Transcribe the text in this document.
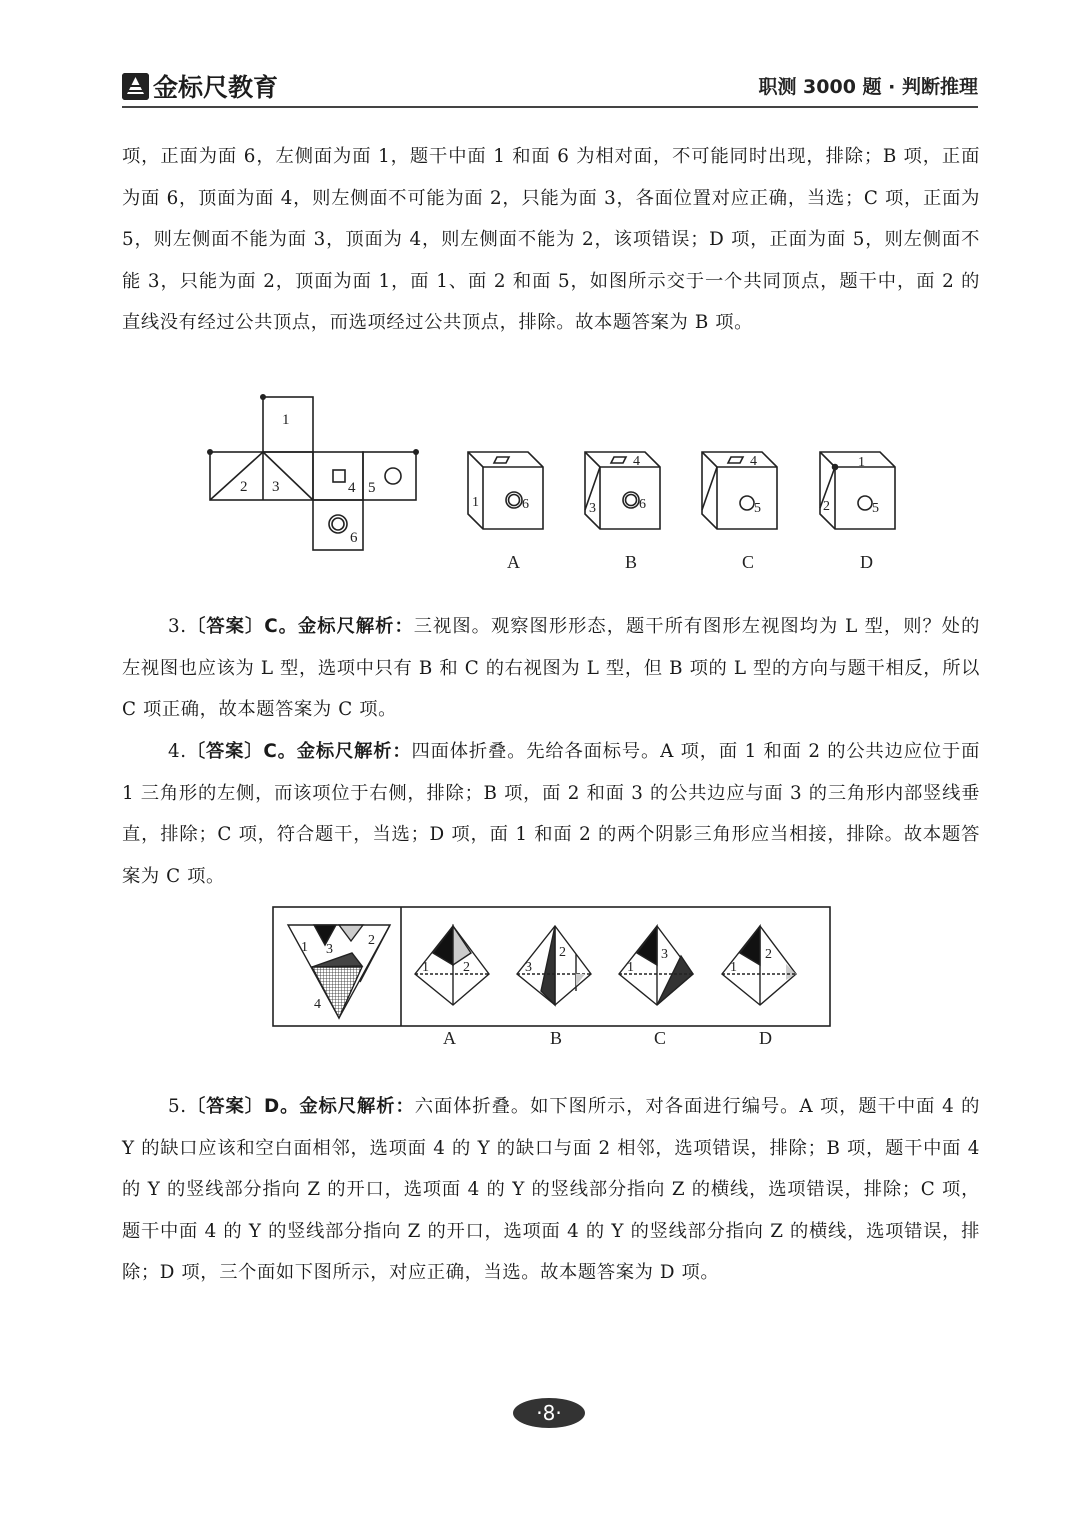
金标尺教育	职测 3000 题 · 判断推理
项，正面为面 6，左侧面为面 1，题干中面 1 和面 6 为相对面，不可能同时出现，排除；B 项，正面为面 6，顶面为面 4，则左侧面不可能为面 2，只能为面 3，各面位置对应正确，当选；C 项，正面为 5，则左侧面不能为面 3，顶面为 4，则左侧面不能为 2，该项错误；D 项，正面为面 5，则左侧面不能 3，只能为面 2，顶面为面 1，面 1、面 2 和面 5，如图所示交于一个共同顶点，题干中，面 2 的直线没有经过公共顶点，而选项经过公共顶点，排除。故本题答案为 B 项。
1
2 3	4 5
6
1	6	3
4
6
4
5
1
2	5
A	B	C	D
3.〔答案〕C。金标尺解析：三视图。观察图形形态，题干所有图形左视图均为 L 型，则？处的左视图也应该为 L 型，选项中只有 B 和 C 的右视图为 L 型，但 B 项的 L 型的方向与题干相反，所以 C 项正确，故本题答案为 C 项。
4.〔答案〕C。金标尺解析：四面体折叠。先给各面标号。A 项，面 1 和面 2 的公共边应位于面 1 三角形的左侧，而该项位于右侧，排除；B 项，面 2 和面 3 的公共边应与面 3 的三角形内部竖线垂直，排除；C 项，符合题干，当选；D 项，面 1 和面 2 的两个阴影三角形应当相接，排除。故本题答案为 C 项。
1	2
3
4
1 2	3
2
1
3
1
2
A	B	C	D
5.〔答案〕D。金标尺解析：六面体折叠。如下图所示，对各面进行编号。A 项，题干中面 4 的 Y 的缺口应该和空白面相邻，选项面 4 的 Y 的缺口与面 2 相邻，选项错误，排除；B 项，题干中面 4 的 Y 的竖线部分指向 Z 的开口，选项面 4 的 Y 的竖线部分指向 Z 的横线，选项错误，排除；C 项，题干中面 4 的 Y 的竖线部分指向 Z 的开口，选项面 4 的 Y 的竖线部分指向 Z 的横线，选项错误，排除；D 项，三个面如下图所示，对应正确，当选。故本题答案为 D 项。
·8·
